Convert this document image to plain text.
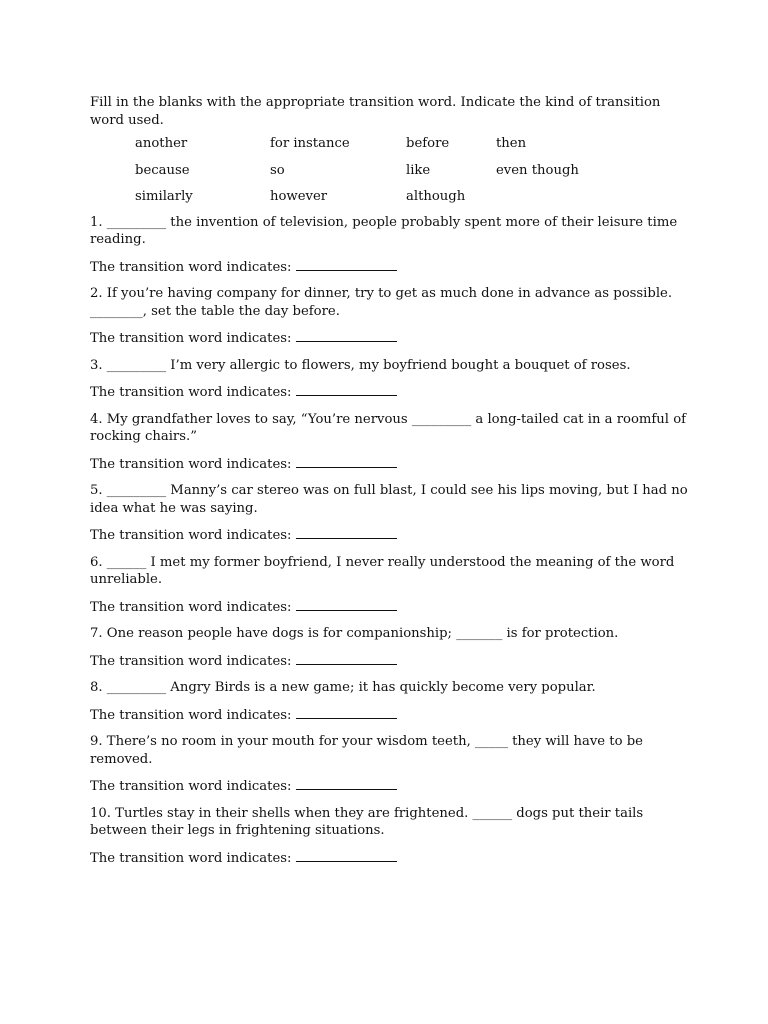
Fill in the blanks with the appropriate transition word. Indicate the kind of transition word used.

another	for instance	before	then
because	so	like	even though
similarly	however	although

1. _________ the invention of television, people probably spent more of their leisure time reading.

The transition word indicates:

2. If you’re having company for dinner, try to get as much done in advance as possible. ________, set the table the day before.

The transition word indicates:

3. _________ I’m very allergic to flowers, my boyfriend bought a bouquet of roses.

The transition word indicates:

4. My grandfather loves to say, “You’re nervous _________ a long-tailed cat in a roomful of rocking chairs.”

The transition word indicates:

5. _________ Manny’s car stereo was on full blast, I could see his lips moving, but I had no idea what he was saying.

The transition word indicates:

6. ______ I met my former boyfriend, I never really understood the meaning of the word unreliable.

The transition word indicates:

7. One reason people have dogs is for companionship; _______ is for protection.

The transition word indicates:

8. _________ Angry Birds is a new game; it has quickly become very popular.

The transition word indicates:

9. There’s no room in your mouth for your wisdom teeth, _____ they will have to be removed.

The transition word indicates:

10. Turtles stay in their shells when they are frightened. ______ dogs put their tails between their legs in frightening situations.

The transition word indicates:
